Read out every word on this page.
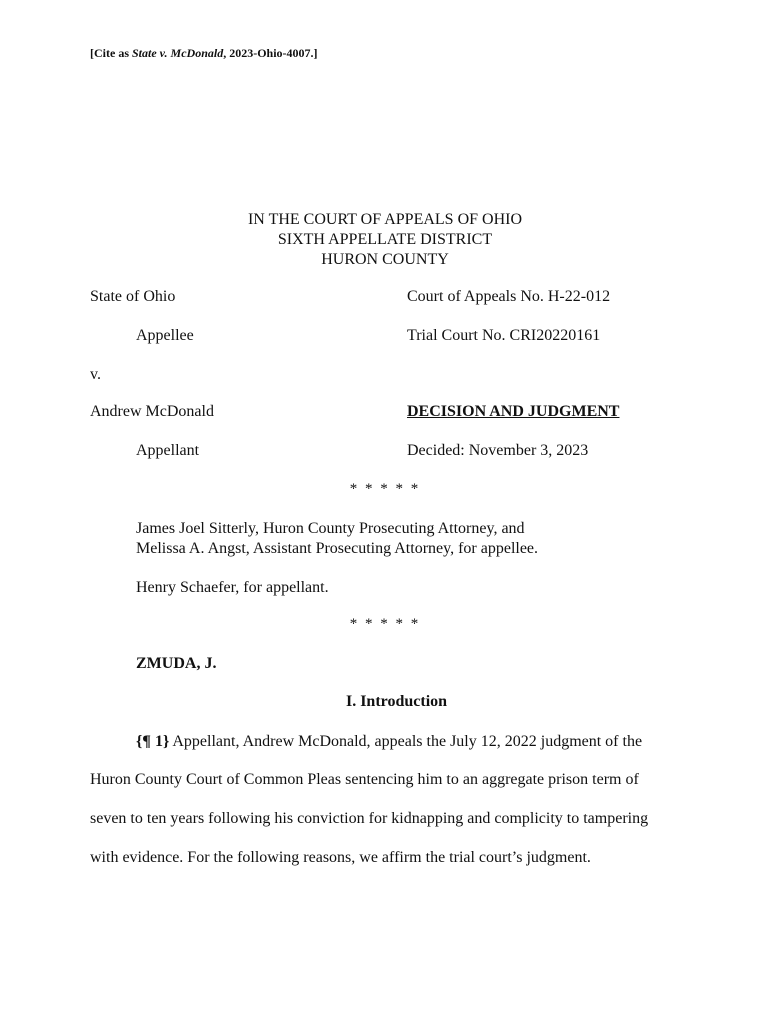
[Cite as State v. McDonald, 2023-Ohio-4007.]
IN THE COURT OF APPEALS OF OHIO
SIXTH APPELLATE DISTRICT
HURON COUNTY
State of Ohio	Court of Appeals No. H-22-012
Appellee	Trial Court No. CRI20220161
v.
Andrew McDonald	DECISION AND JUDGMENT
Appellant	Decided: November 3, 2023
* * * * *
James Joel Sitterly, Huron County Prosecuting Attorney, and
Melissa A. Angst, Assistant Prosecuting Attorney, for appellee.
Henry Schaefer, for appellant.
* * * * *
ZMUDA, J.
I. Introduction
{¶ 1} Appellant, Andrew McDonald, appeals the July 12, 2022 judgment of the
Huron County Court of Common Pleas sentencing him to an aggregate prison term of
seven to ten years following his conviction for kidnapping and complicity to tampering
with evidence. For the following reasons, we affirm the trial court’s judgment.
